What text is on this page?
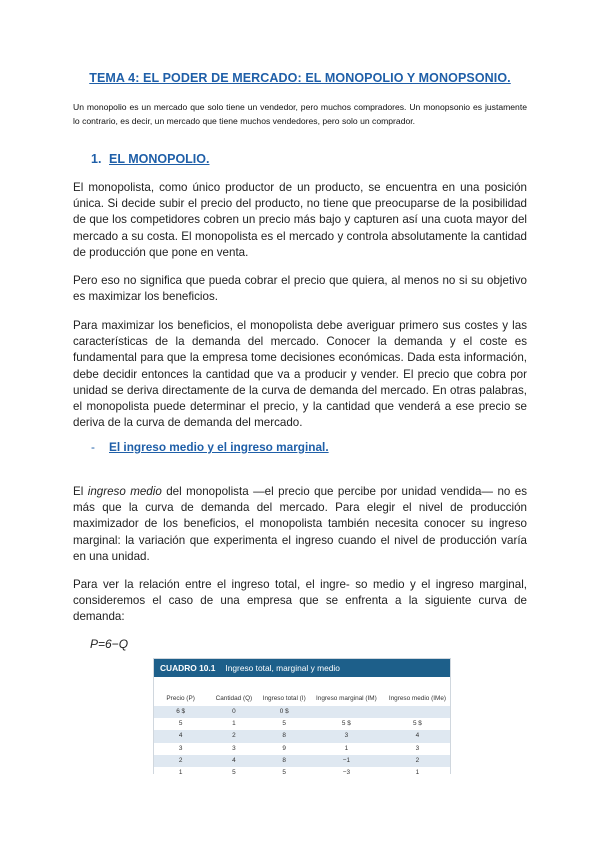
TEMA 4: EL PODER DE MERCADO: EL MONOPOLIO Y MONOPSONIO.
Un monopolio es un mercado que solo tiene un vendedor, pero muchos compradores. Un monopsonio es justamente lo contrario, es decir, un mercado que tiene muchos vendedores, pero solo un comprador.
1. EL MONOPOLIO.
El monopolista, como único productor de un producto, se encuentra en una posición única. Si decide subir el precio del producto, no tiene que preocuparse de la posibilidad de que los competidores cobren un precio más bajo y capturen así una cuota mayor del mercado a su costa. El monopolista es el mercado y controla absolutamente la cantidad de producción que pone en venta.
Pero eso no significa que pueda cobrar el precio que quiera, al menos no si su objetivo es maximizar los beneficios.
Para maximizar los beneficios, el monopolista debe averiguar primero sus costes y las características de la demanda del mercado. Conocer la demanda y el coste es fundamental para que la empresa tome decisiones económicas. Dada esta información, debe decidir entonces la cantidad que va a producir y vender. El precio que cobra por unidad se deriva directamente de la curva de demanda del mercado. En otras palabras, el monopolista puede determinar el precio, y la cantidad que venderá a ese precio se deriva de la curva de demanda del mercado.
- El ingreso medio y el ingreso marginal.
El ingreso medio del monopolista —el precio que percibe por unidad vendida— no es más que la curva de demanda del mercado. Para elegir el nivel de producción maximizador de los beneficios, el monopolista también necesita conocer su ingreso marginal: la variación que experimenta el ingreso cuando el nivel de producción varía en una unidad.
Para ver la relación entre el ingreso total, el ingre- so medio y el ingreso marginal, consideremos el caso de una empresa que se enfrenta a la siguiente curva de demanda:
P=6−Q
CUADRO 10.1 Ingreso total, marginal y medio
Precio (P)	Cantidad (Q)	Ingreso total (I)	Ingreso marginal (IM)	Ingreso medio (IMe)
6 $	0	0 $		
5	1	5	5 $	5 $
4	2	8	3	4
3	3	9	1	3
2	4	8	−1	2
1	5	5	−3	1
